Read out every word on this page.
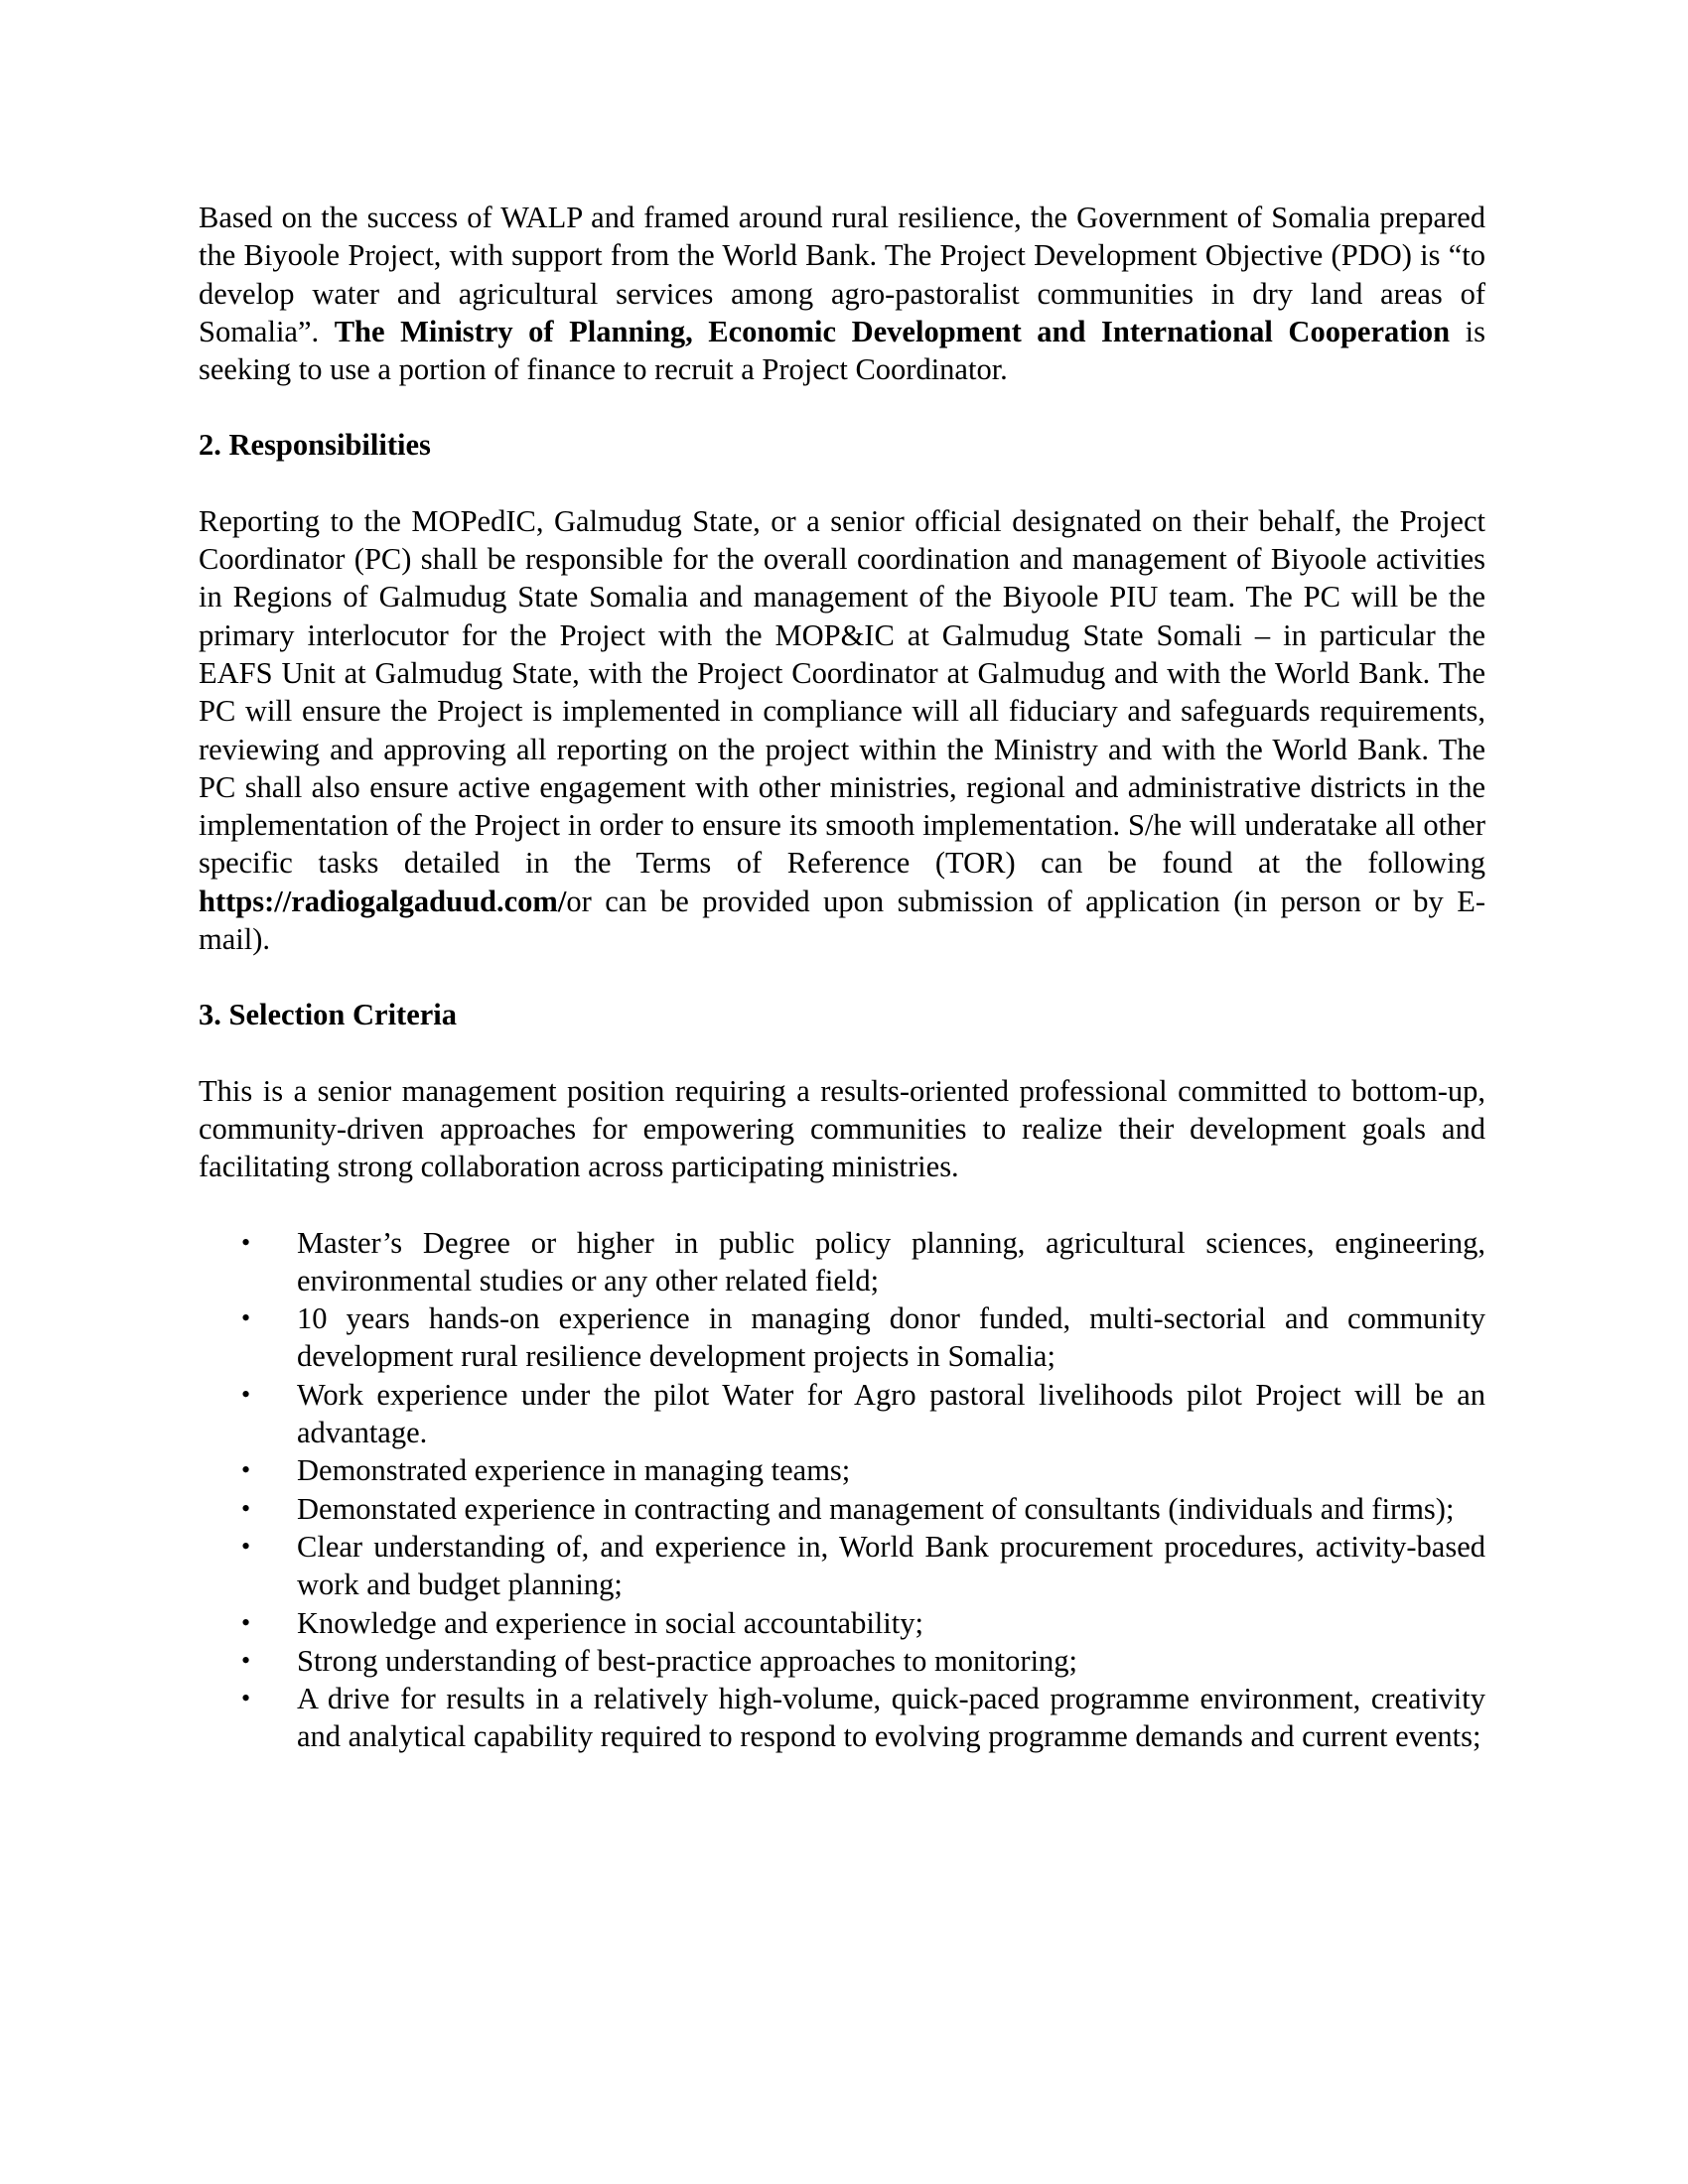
Based on the success of WALP and framed around rural resilience, the Government of Somalia prepared the Biyoole Project, with support from the World Bank. The Project Development Objective (PDO) is “to develop water and agricultural services among agro-pastoralist communities in dry land areas of Somalia”. The Ministry of Planning, Economic Development and International Cooperation is seeking to use a portion of finance to recruit a Project Coordinator.

2. Responsibilities

Reporting to the MOPedIC, Galmudug State, or a senior official designated on their behalf, the Project Coordinator (PC) shall be responsible for the overall coordination and management of Biyoole activities in Regions of Galmudug State Somalia and management of the Biyoole PIU team. The PC will be the primary interlocutor for the Project with the MOP&IC at Galmudug State Somali – in particular the EAFS Unit at Galmudug State, with the Project Coordinator at Galmudug and with the World Bank. The PC will ensure the Project is implemented in compliance will all fiduciary and safeguards requirements, reviewing and approving all reporting on the project within the Ministry and with the World Bank. The PC shall also ensure active engagement with other ministries, regional and administrative districts in the implementation of the Project in order to ensure its smooth implementation. S/he will underatake all other specific tasks detailed in the Terms of Reference (TOR) can be found at the following https://radiogalgaduud.com/or can be provided upon submission of application (in person or by E-mail).

3. Selection Criteria

This is a senior management position requiring a results-oriented professional committed to bottom-up, community-driven approaches for empowering communities to realize their development goals and facilitating strong collaboration across participating ministries.

• Master’s Degree or higher in public policy planning, agricultural sciences, engineering, environmental studies or any other related field;
• 10 years hands-on experience in managing donor funded, multi-sectorial and community development rural resilience development projects in Somalia;
• Work experience under the pilot Water for Agro pastoral livelihoods pilot Project will be an advantage.
• Demonstrated experience in managing teams;
• Demonstated experience in contracting and management of consultants (individuals and firms);
• Clear understanding of, and experience in, World Bank procurement procedures, activity-based work and budget planning;
• Knowledge and experience in social accountability;
• Strong understanding of best-practice approaches to monitoring;
• A drive for results in a relatively high-volume, quick-paced programme environment, creativity and analytical capability required to respond to evolving programme demands and current events;
